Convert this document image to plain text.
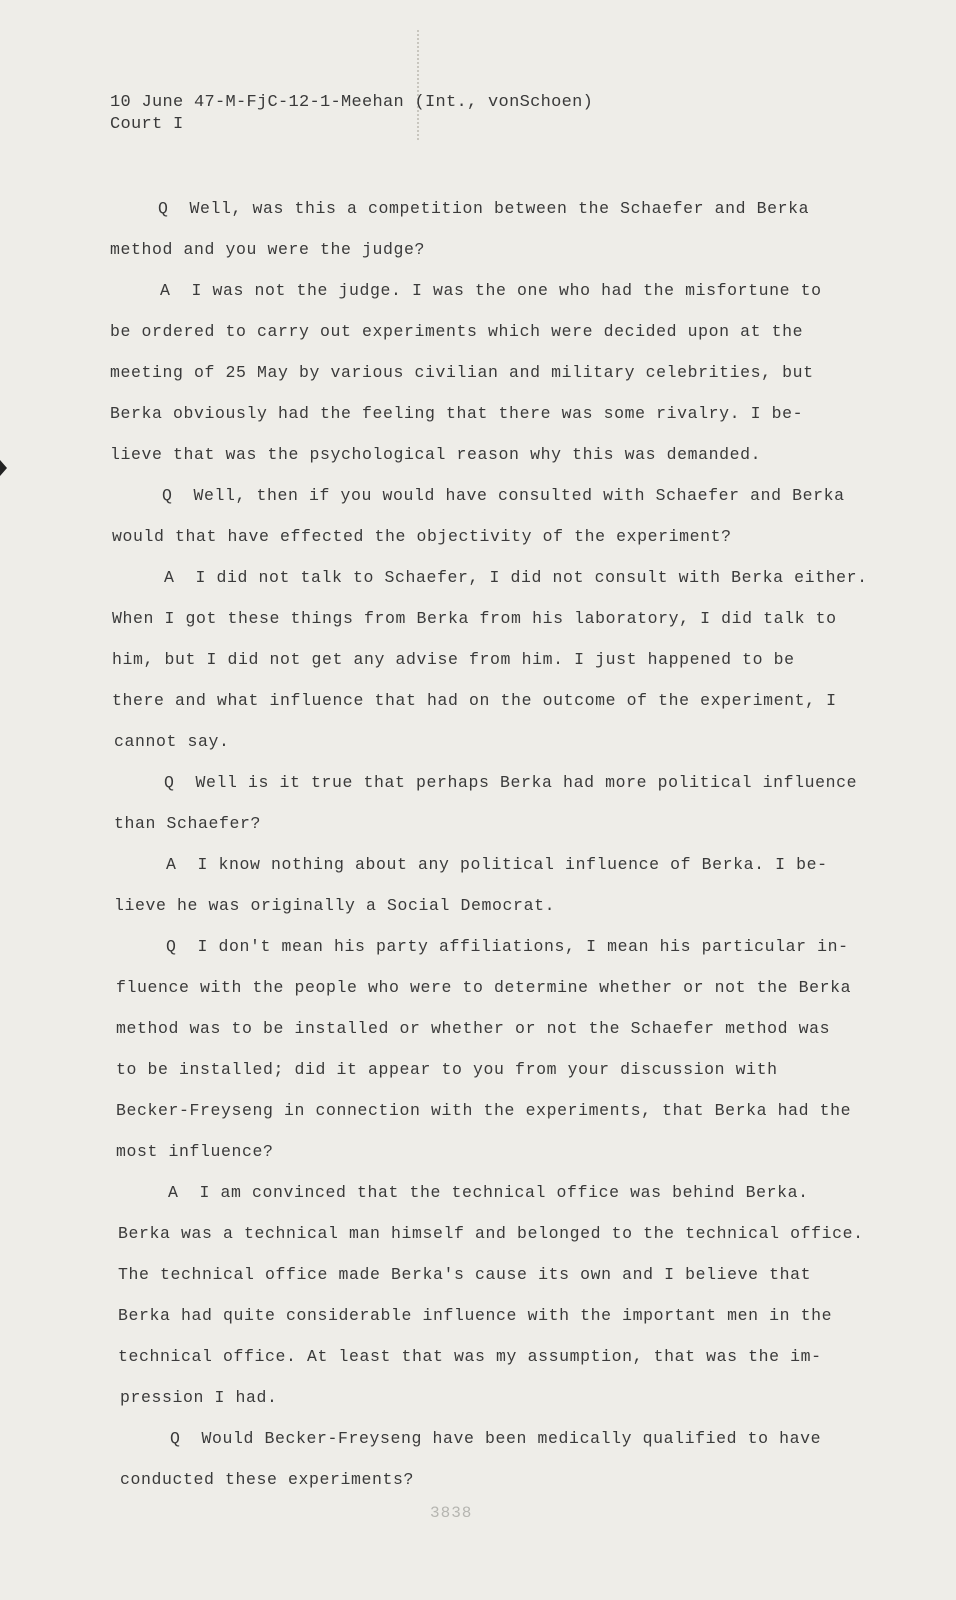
10 June 47-M-FjC-12-1-Meehan (Int., vonSchoen)
Court I
Q  Well, was this a competition between the Schaefer and Berka
method and you were the judge?
A  I was not the judge. I was the one who had the misfortune to
be ordered to carry out experiments which were decided upon at the
meeting of 25 May by various civilian and military celebrities, but
Berka obviously had the feeling that there was some rivalry. I be-
lieve that was the psychological reason why this was demanded.
Q  Well, then if you would have consulted with Schaefer and Berka
would that have effected the objectivity of the experiment?
A  I did not talk to Schaefer, I did not consult with Berka either.
When I got these things from Berka from his laboratory, I did talk to
him, but I did not get any advise from him. I just happened to be
there and what influence that had on the outcome of the experiment, I
cannot say.
Q  Well is it true that perhaps Berka had more political influence
than Schaefer?
A  I know nothing about any political influence of Berka. I be-
lieve he was originally a Social Democrat.
Q  I don't mean his party affiliations, I mean his particular in-
fluence with the people who were to determine whether or not the Berka
method was to be installed or whether or not the Schaefer method was
to be installed; did it appear to you from your discussion with
Becker-Freyseng in connection with the experiments, that Berka had the
most influence?
A  I am convinced that the technical office was behind Berka.
Berka was a technical man himself and belonged to the technical office.
The technical office made Berka's cause its own and I believe that
Berka had quite considerable influence with the important men in the
technical office. At least that was my assumption, that was the im-
pression I had.
Q  Would Becker-Freyseng have been medically qualified to have
conducted these experiments?
3838
